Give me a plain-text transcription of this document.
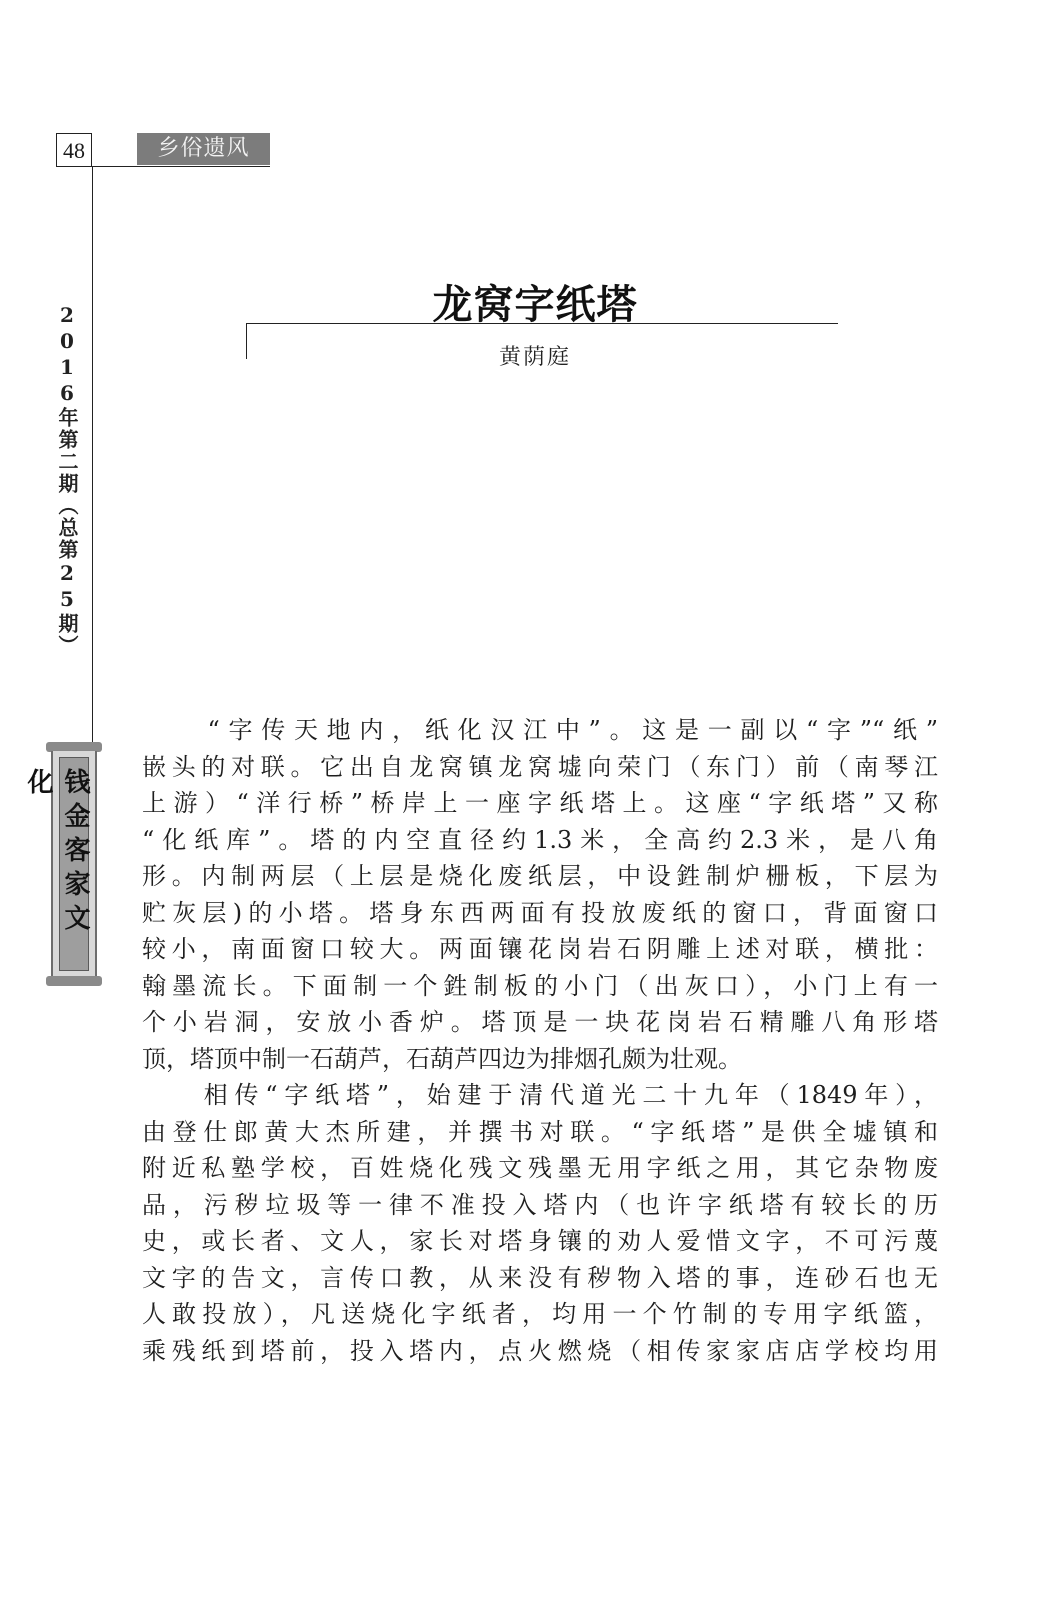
48	乡俗遗风
2016年第二期（总第25期）
钱金客家文化
龙窝字纸塔
黄荫庭
　　“字传天地内，纸化汉江中”。这是一副以“字”“纸”
嵌头的对联。它出自龙窝镇龙窝墟向荣门（东门）前（南琴江
上游）“洋行桥”桥岸上一座字纸塔上。这座“字纸塔”又称
“化纸库”。塔的内空直径约1.3米，全高约2.3米，是八角
形。内制两层（上层是烧化废纸层，中设鉎制炉栅板，下层为
贮灰层)的小塔。塔身东西两面有投放废纸的窗口，背面窗口
较小，南面窗口较大。两面镶花岗岩石阴雕上述对联，横批：
翰墨流长。下面制一个鉎制板的小门（出灰口），小门上有一
个小岩洞，安放小香炉。塔顶是一块花岗岩石精雕八角形塔
顶，塔顶中制一石葫芦，石葫芦四边为排烟孔颇为壮观。
　　相传“字纸塔”，始建于清代道光二十九年（1849年），
由登仕郎黄大杰所建，并撰书对联。“字纸塔”是供全墟镇和
附近私塾学校，百姓烧化残文残墨无用字纸之用，其它杂物废
品，污秽垃圾等一律不准投入塔内（也许字纸塔有较长的历
史，或长者、文人，家长对塔身镶的劝人爱惜文字，不可污蔑
文字的告文，言传口教，从来没有秽物入塔的事，连砂石也无
人敢投放），凡送烧化字纸者，均用一个竹制的专用字纸篮，
乘残纸到塔前，投入塔内，点火燃烧（相传家家店店学校均用
